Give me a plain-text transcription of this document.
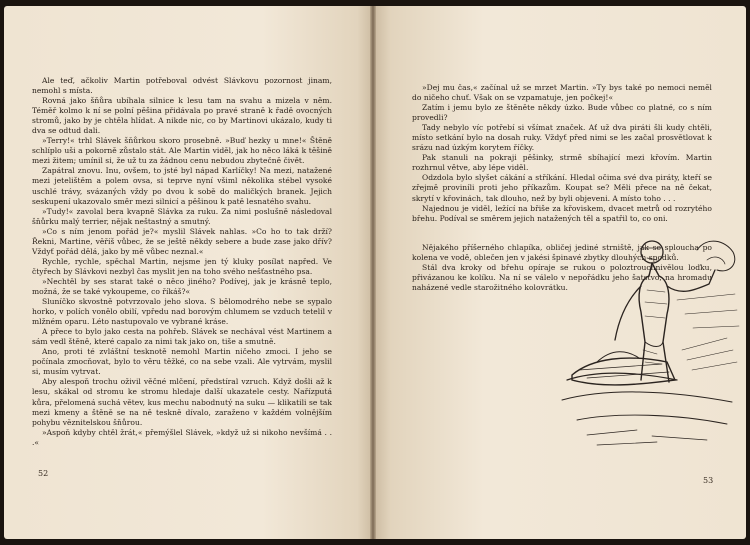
Ale teď, ačkoliv Martin potřeboval odvést Slávkovu pozornost jinam, nemohl s místa.

Rovná jako šňůra ubíhala silnice k lesu tam na svahu a mizela v něm. Téměř kolmo k ní se polní pěšina přidávala po pravé straně k řadě ovocných stromů, jako by je chtěla hlídat. A nikde nic, co by Martinovi ukázalo, kudy ti dva se odtud dali.

»Terry!« trhl Slávek šňůrkou skoro prosebně. »Buď hezky u mne!« Štěně schlíplo uši a pokorně zůstalo stát. Ale Martin viděl, jak ho něco láká k těšině mezi žitem; umínil si, že už tu za žádnou cenu nebudou zbytečně čivět.

Zapátral znovu. Inu, ovšem, to jsté byl nápad Karlíčky! Na mezi, natažené mezi jetelištěm a polem ovsa, si teprve nyní všiml několika stébel vysoké uschlé trávy, svázaných vždy po dvou k sobě do maličkých branek. Jejich seskupení ukazovalo směr mezi silnicí a pěšinou k patě lesnatého svahu.

»Tudy!« zavolal bera kvapně Slávka za ruku. Za nimi poslušně následoval šňůrku malý terrier, nějak neštastný a smutný.

»Co s ním jenom pořád je?« myslil Slávek nahlas. »Co ho to tak drží? Řekni, Martine, věříš vůbec, že se ještě někdy sebere a bude zase jako dřív? Vždyť pořád dělá, jako by mě vůbec neznal.«

Rychle, rychle, spěchal Martin, nejsme jen tý kluky posílat napřed. Ve čtyřech by Slávkovi nezbyl čas myslit jen na toho svého nešťastného psa.

»Nechtěl by ses starat také o něco jiného? Podívej, jak je krásně teplo, možná, že se také vykoupeme, co říkáš?«

Sluníčko skvostně potvrzovalo jeho slova. S bělomodrého nebe se sypalo horko, v polích vonělo obilí, vpředu nad borovým chlumem se vzduch tetelil v mlžném oparu. Léto nastupovalo ve vybrané kráse.

A přece to bylo jako cesta na pohřeb. Slávek se nechával vést Martinem a sám vedl štěně, které capalo za nimi tak jako on, tiše a smutně.

Ano, proti té zvláštní tesknotě nemohl Martin ničeho zmoci. I jeho se počínala zmocňovat, bylo to věru těžké, co na sebe vzali. Ale vytrvám, myslil si, musím vytrvat.

Aby alespoň trochu oživil věčné mlčení, předstíral vzruch. Když došli až k lesu, skákal od stromu ke stromu hledaje další ukazatele cesty. Nařízputá kůra, přelomená suchá větev, kus mechu nabodnutý na suku — klikatili se tak mezi kmeny a štěně se na ně teskně dívalo, zaraženo v každém volnějším pohybu věznitelskou šňůrou.

»Aspoň kdyby chtěl žrát,« přemýšlel Slávek, »když už si nikoho nevšímá . . .«

52

»Dej mu čas,« začínal už se mrzet Martin. »Ty bys také po nemoci neměl do ničeho chuť. Však on se vzpamatuje, jen počkej!«

Zatím i jemu bylo ze štěněte někdy úzko. Bude vůbec co platné, co s ním provedli?

Tady nebylo víc potřebí si všímat značek. Ať už dva piráti šli kudy chtěli, místo setkání bylo na dosah ruky. Vždyť před nimi se les začal prosvětlovat k srázu nad úzkým korytem říčky.

Pak stanuli na pokraji pěšinky, strmě sbíhající mezi křovím. Martin rozhrnul větve, aby lépe viděl.

Odzdola bylo slyšet cákání a stříkání. Hledal očima své dva piráty, kteří se zřejmě proviníli proti jeho příkazům. Koupat se? Měli přece na ně čekat, skrytí v křovinách, tak dlouho, než by byli objeveni. A místo toho . . .

Najednou je viděl, ležící na břiše za křoviskem, dvacet metrů od rozrytého břehu. Podíval se směrem jejich natažených těl a spatřil to, co oni.

Nějakého příšerného chlapíka, obličej jediné strniště, jak se sploucha po kolena ve vodě, oblečen jen v jakési špinavé zbytky dlouhých spodků.

Stál dva kroky od břehu opíraje se rukou o poloztrouchnivělou loďku, přivázanou ke kolíku. Na ní se válelo v nepořádku jeho šatstvo, na hromadu naházené vedle starožitného kolovrátku.

53
